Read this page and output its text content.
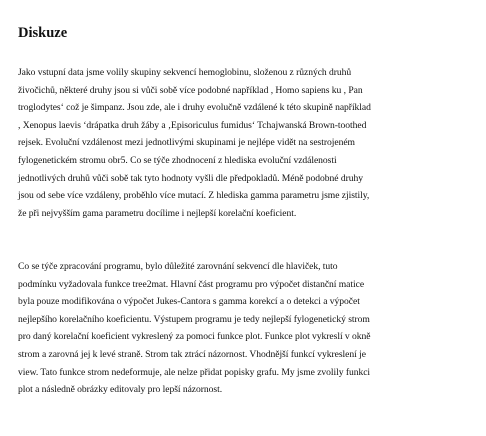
Diskuze
Jako vstupní data jsme volily skupiny sekvencí hemoglobinu, složenou z různých druhů
živočichů, některé druhy jsou si vůči sobě více podobné například , Homo sapiens ku , Pan
troglodytes‘ což je šimpanz. Jsou zde, ale i druhy evolučně vzdálené k této skupině například
, Xenopus laevis ‘drápatka druh žáby a ‚Episoriculus fumidus‘ Tchajwanská Brown-toothed
rejsek. Evoluční vzdálenost mezi jednotlivými skupinami je nejlépe vidět na sestrojeném
fylogenetickém stromu obr5. Co se týče zhodnocení z hlediska evoluční vzdálenosti
jednotlivých druhů vůči sobě tak tyto hodnoty vyšli dle předpokladů. Méně podobné druhy
jsou od sebe více vzdáleny, proběhlo více mutací. Z hlediska gamma parametru jsme zjistily,
že při nejvyšším gama parametru docílime i nejlepší korelační koeficient.
Co se týče zpracování programu, bylo důležité zarovnání sekvencí dle hlaviček, tuto
podmínku vyžadovala funkce tree2mat. Hlavní část programu pro výpočet distanční matice
byla pouze modifikována o výpočet Jukes-Cantora s gamma korekcí a o detekci a výpočet
nejlepšího korelačního koeficientu. Výstupem programu je tedy nejlepší fylogenetický strom
pro daný korelační koeficient vykreslený za pomoci funkce plot. Funkce plot vykreslí v okně
strom a zarovná jej k levé straně. Strom tak ztrácí názornost. Vhodnější funkcí vykreslení je
view. Tato funkce strom nedeformuje, ale nelze přidat popisky grafu. My jsme zvolily funkci
plot a následně obrázky editovaly pro lepší názornost.
